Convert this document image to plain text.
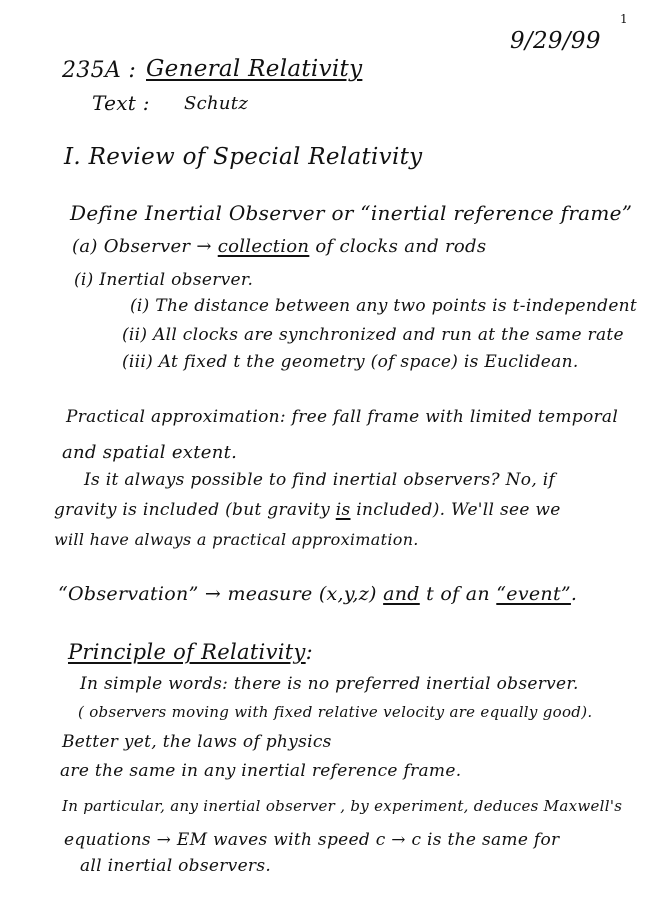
1
9/29/99
235A : General Relativity
Text : Schutz
I. Review of Special Relativity
Define Inertial Observer or “inertial reference frame”
(a) Observer → collection of clocks and rods
(i) Inertial observer.
(i) The distance between any two points is t-independent
(ii) All clocks are synchronized and run at the same rate
(iii) At fixed t the geometry (of space) is Euclidean.
Practical approximation: free fall frame with limited temporal
and spatial extent.
Is it always possible to find inertial observers? No, if
gravity is included (but gravity is included). We'll see we
will have always a practical approximation.
“Observation” → measure (x,y,z) and t of an “event”.
Principle of Relativity:
In simple words: there is no preferred inertial observer.
( observers moving with fixed relative velocity are equally good).
Better yet, the laws of physics
are the same in any inertial reference frame.
In particular, any inertial observer , by experiment, deduces Maxwell's
equations → EM waves with speed c → c is the same for
all inertial observers.
